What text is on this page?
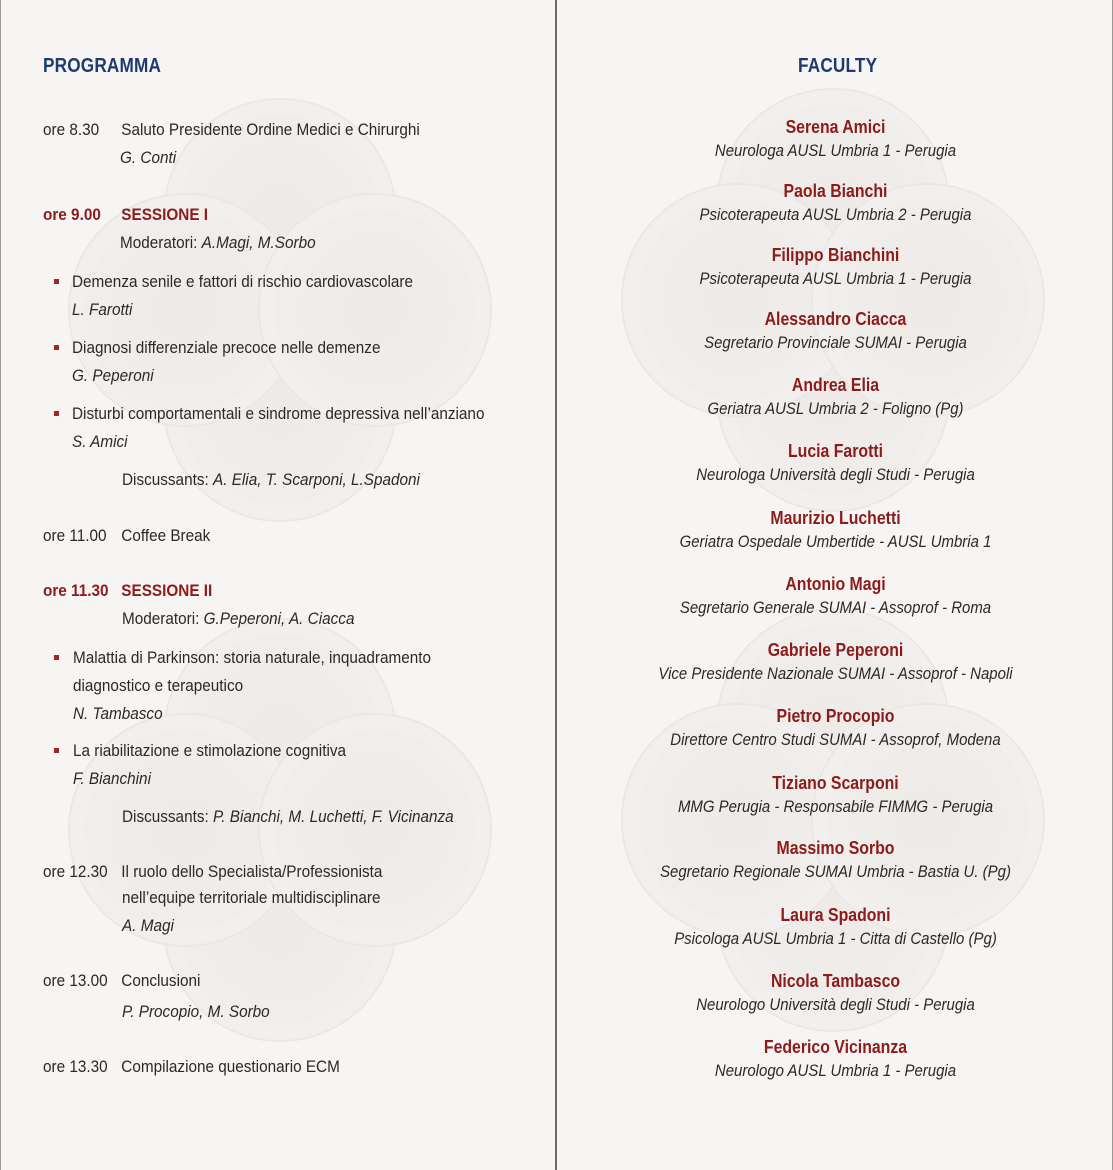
PROGRAMMA
ore 8.30 Saluto Presidente Ordine Medici e Chirurghi
G. Conti
ore 9.00 SESSIONE I
Moderatori: A.Magi, M.Sorbo
Demenza senile e fattori di rischio cardiovascolare
L. Farotti
Diagnosi differenziale precoce nelle demenze
G. Peperoni
Disturbi comportamentali e sindrome depressiva nell’anziano
S. Amici
Discussants: A. Elia, T. Scarponi, L.Spadoni
ore 11.00 Coffee Break
ore 11.30 SESSIONE II
Moderatori: G.Peperoni, A. Ciacca
Malattia di Parkinson: storia naturale, inquadramento
diagnostico e terapeutico
N. Tambasco
La riabilitazione e stimolazione cognitiva
F. Bianchini
Discussants: P. Bianchi, M. Luchetti, F. Vicinanza
ore 12.30 Il ruolo dello Specialista/Professionista
nell’equipe territoriale multidisciplinare
A. Magi
ore 13.00 Conclusioni
P. Procopio, M. Sorbo
ore 13.30 Compilazione questionario ECM
FACULTY
Serena Amici
Neurologa AUSL Umbria 1 - Perugia
Paola Bianchi
Psicoterapeuta AUSL Umbria 2 - Perugia
Filippo Bianchini
Psicoterapeuta AUSL Umbria 1 - Perugia
Alessandro Ciacca
Segretario Provinciale SUMAI - Perugia
Andrea Elia
Geriatra AUSL Umbria 2 - Foligno (Pg)
Lucia Farotti
Neurologa Università degli Studi - Perugia
Maurizio Luchetti
Geriatra Ospedale Umbertide - AUSL Umbria 1
Antonio Magi
Segretario Generale SUMAI - Assoprof - Roma
Gabriele Peperoni
Vice Presidente Nazionale SUMAI - Assoprof - Napoli
Pietro Procopio
Direttore Centro Studi SUMAI - Assoprof, Modena
Tiziano Scarponi
MMG Perugia - Responsabile FIMMG - Perugia
Massimo Sorbo
Segretario Regionale SUMAI Umbria - Bastia U. (Pg)
Laura Spadoni
Psicologa AUSL Umbria 1 - Citta di Castello (Pg)
Nicola Tambasco
Neurologo Università degli Studi - Perugia
Federico Vicinanza
Neurologo AUSL Umbria 1 - Perugia
